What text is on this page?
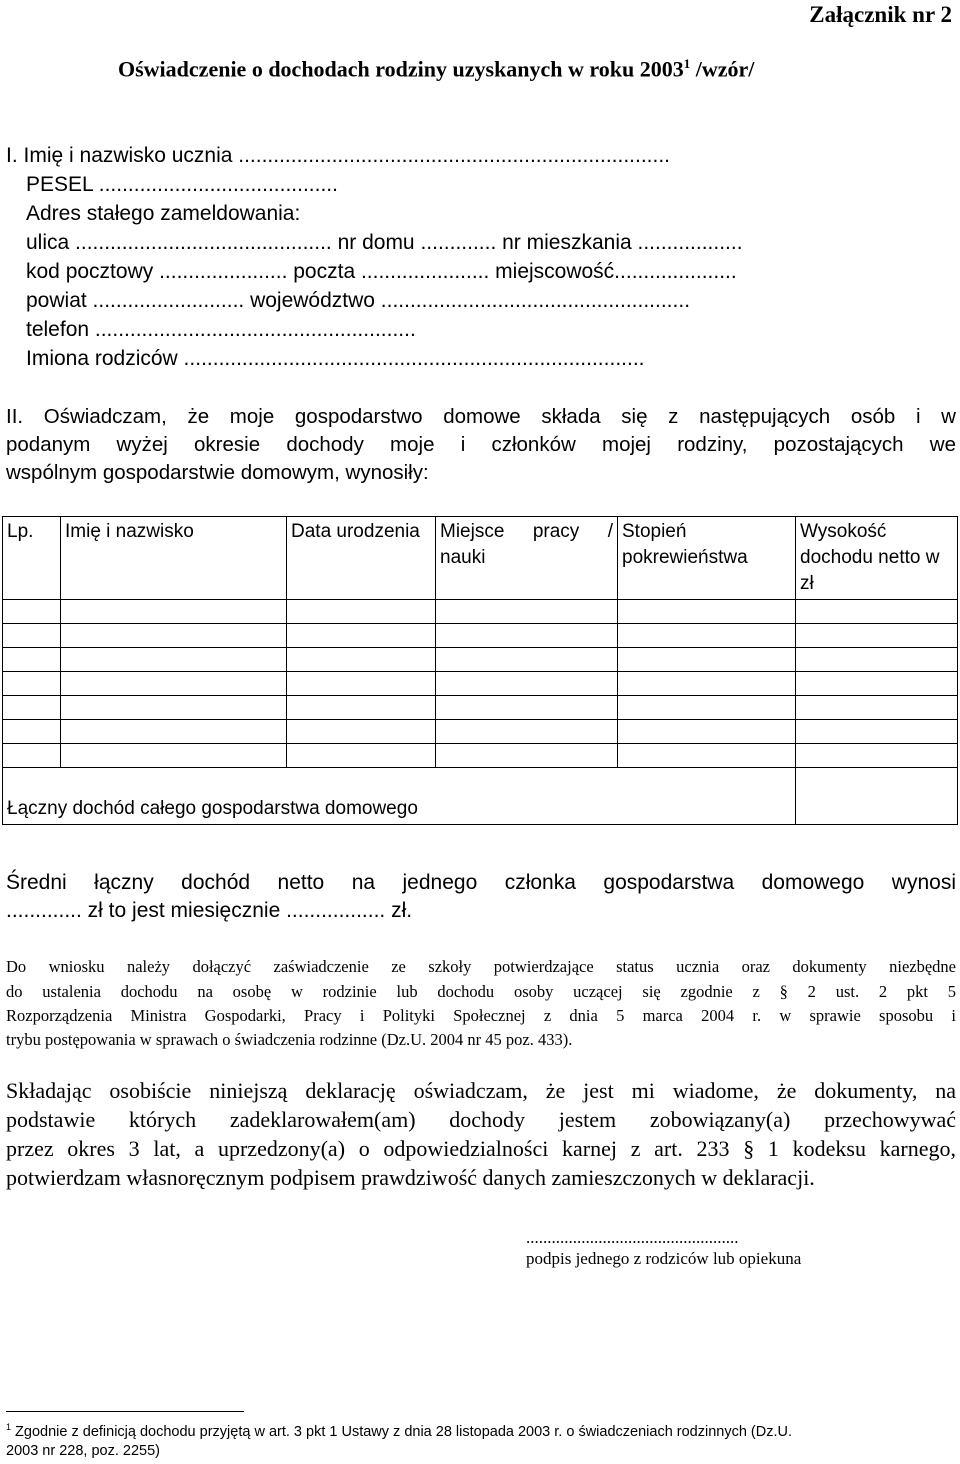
Załącznik nr 2
Oświadczenie o dochodach rodziny uzyskanych w roku 2003$^1$ /wzór/
I. Imię i nazwisko ucznia ..........................................................................
PESEL .........................................
Adres stałego zameldowania:
ulica ............................................ nr domu ............. nr mieszkania ..................
kod pocztowy ...................... poczta ...................... miejscowość.....................
powiat .......................... województwo .....................................................
telefon .......................................................
Imiona rodziców ...............................................................................
II. Oświadczam, że moje gospodarstwo domowe składa się z następujących osób i w
podanym wyżej okresie dochody moje i członków mojej rodziny, pozostających we
wspólnym gospodarstwie domowym, wynosiły:
Lp.	Imię i nazwisko	Data urodzenia	Miejsce pracy / nauki	Stopień pokrewieństwa	Wysokość dochodu netto w zł

Łączny dochód całego gospodarstwa domowego					
Średni łączny dochód netto na jednego członka gospodarstwa domowego wynosi
............. zł to jest miesięcznie ................. zł.
Do wniosku należy dołączyć zaświadczenie ze szkoły potwierdzające status ucznia oraz dokumenty niezbędne
do ustalenia dochodu na osobę w rodzinie lub dochodu osoby uczącej się zgodnie z § 2 ust. 2 pkt 5
Rozporządzenia Ministra Gospodarki, Pracy i Polityki Społecznej z dnia 5 marca 2004 r. w sprawie sposobu i
trybu postępowania w sprawach o świadczenia rodzinne (Dz.U. 2004 nr 45 poz. 433).
Składając osobiście niniejszą deklarację oświadczam, że jest mi wiadome, że dokumenty, na
podstawie których zadeklarowałem(am) dochody jestem zobowiązany(a) przechowywać
przez okres 3 lat, a uprzedzony(a) o odpowiedzialności karnej z art. 233 § 1 kodeksu karnego,
potwierdzam własnoręcznym podpisem prawdziwość danych zamieszczonych w deklaracji.
..................................................
podpis jednego z rodziców lub opiekuna
$^1$ Zgodnie z definicją dochodu przyjętą w art. 3 pkt 1 Ustawy z dnia 28 listopada 2003 r. o świadczeniach rodzinnych (Dz.U.
2003 nr 228, poz. 2255)
